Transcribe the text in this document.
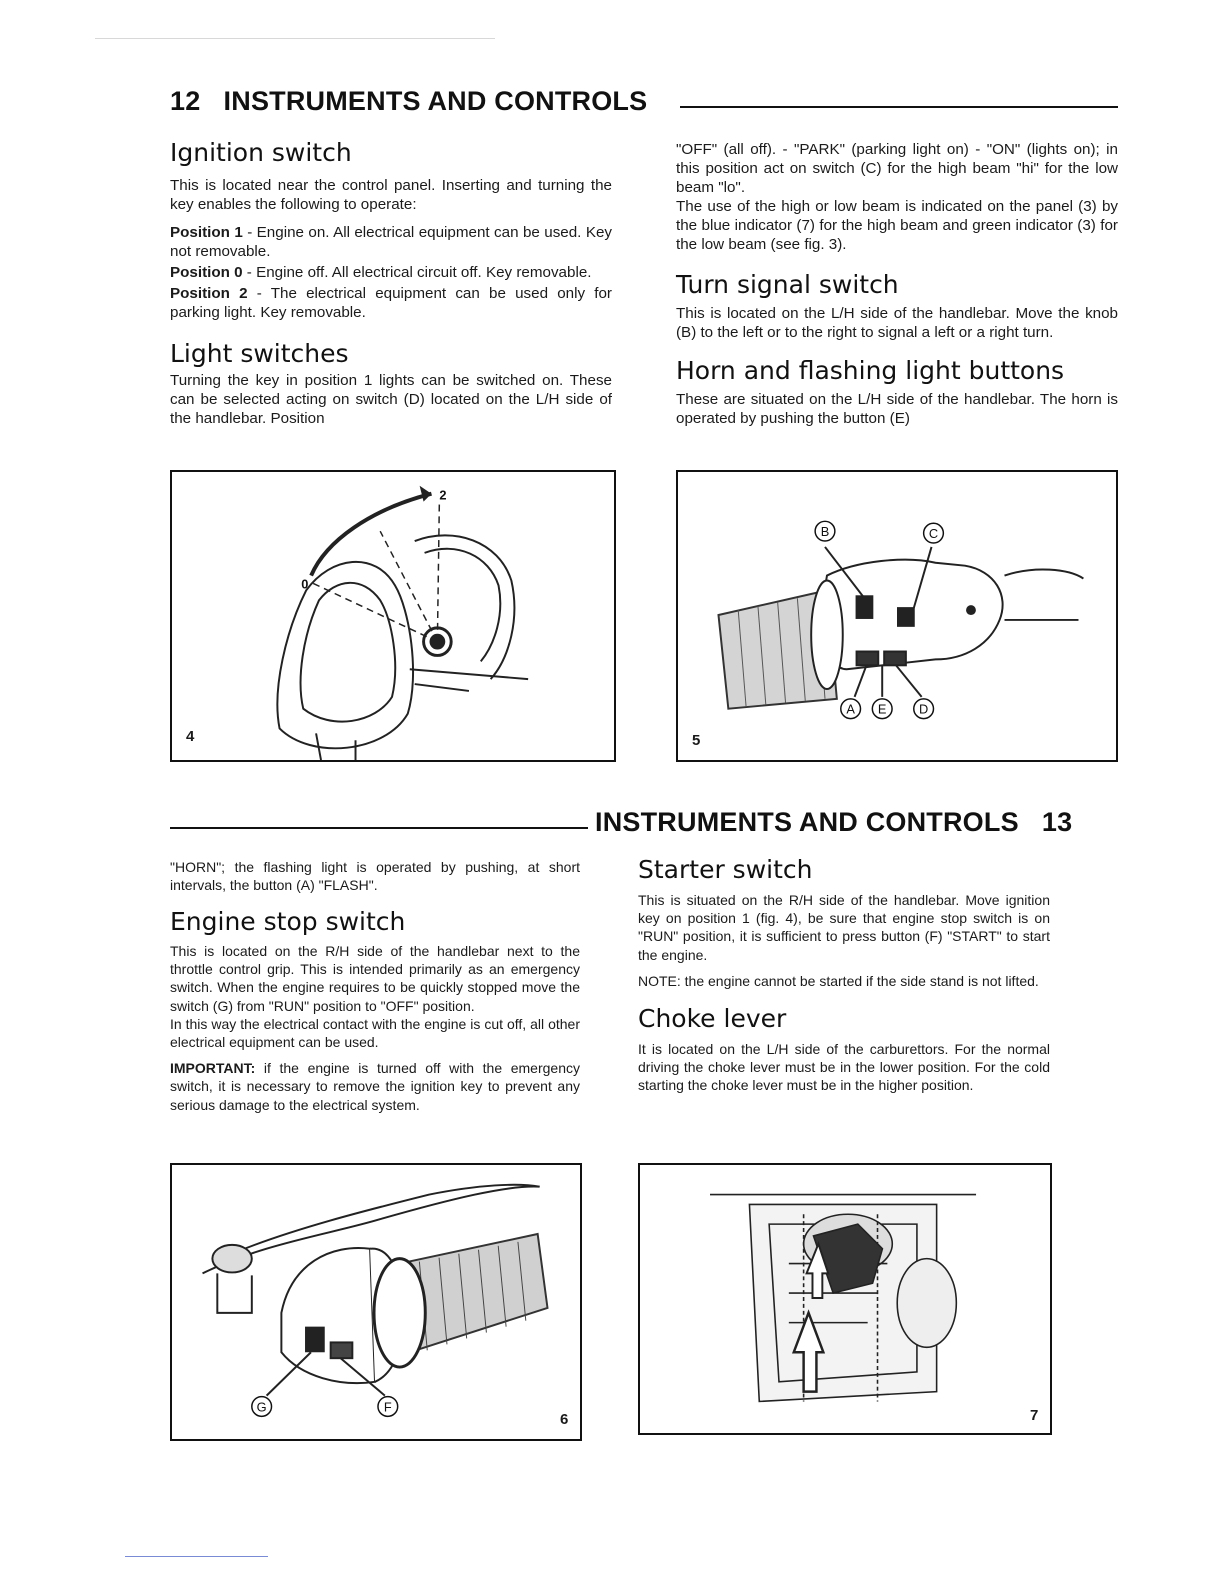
12 INSTRUMENTS AND CONTROLS
Ignition switch

This is located near the control panel. Inserting and turning the key enables the following to operate:

Position 1 - Engine on. All electrical equipment can be used. Key not removable.

Position 0 - Engine off. All electrical circuit off. Key removable.

Position 2 - The electrical equipment can be used only for parking light. Key removable.

Light switches

Turning the key in position 1 lights can be switched on. These can be selected acting on switch (D) located on the L/H side of the handlebar. Position

"OFF" (all off). - "PARK" (parking light on) - "ON" (lights on); in this position act on switch (C) for the high beam "hi" for the low beam "lo".

The use of the high or low beam is indicated on the panel (3) by the blue indicator (7) for the high beam and green indicator (3) for the low beam (see fig. 3).

Turn signal switch

This is located on the L/H side of the handlebar. Move the knob (B) to the left or to the right to signal a left or a right turn.

Horn and flashing light buttons

These are situated on the L/H side of the handlebar. The horn is operated by pushing the button (E)

2
0
4
B	C
A E	D
5
INSTRUMENTS AND CONTROLS 13

"HORN"; the flashing light is operated by pushing, at short intervals, the button (A) "FLASH".

Engine stop switch

This is located on the R/H side of the handlebar next to the throttle control grip. This is intended primarily as an emergency switch. When the engine requires to be quickly stopped move the switch (G) from "RUN" position to "OFF" position.

In this way the electrical contact with the engine is cut off, all other electrical equipment can be used.

IMPORTANT: if the engine is turned off with the emergency switch, it is necessary to remove the ignition key to prevent any serious damage to the electrical system.

Starter switch

This is situated on the R/H side of the handlebar. Move ignition key on position 1 (fig. 4), be sure that engine stop switch is on "RUN" position, it is sufficient to press button (F) "START" to start the engine.

NOTE: the engine cannot be started if the side stand is not lifted.

Choke lever

It is located on the L/H side of the carburettors. For the normal driving the choke lever must be in the lower position. For the cold starting the choke lever must be in the higher position.

G	F
6	7
